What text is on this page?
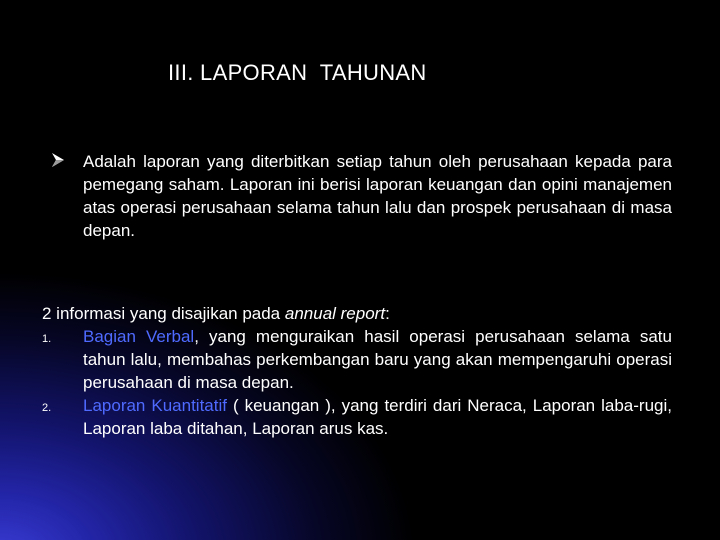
III. LAPORAN  TAHUNAN
Adalah laporan yang diterbitkan setiap tahun oleh perusahaan kepada para pemegang saham. Laporan ini berisi laporan keuangan dan opini manajemen atas operasi perusahaan selama tahun lalu dan prospek perusahaan di masa depan.
2 informasi yang disajikan pada annual report:
1. Bagian Verbal, yang menguraikan hasil operasi perusahaan selama satu tahun lalu, membahas perkembangan baru yang akan mempengaruhi operasi perusahaan di masa depan.
2. Laporan Kuantitatif ( keuangan ), yang terdiri dari Neraca, Laporan laba-rugi, Laporan laba ditahan, Laporan arus kas.
